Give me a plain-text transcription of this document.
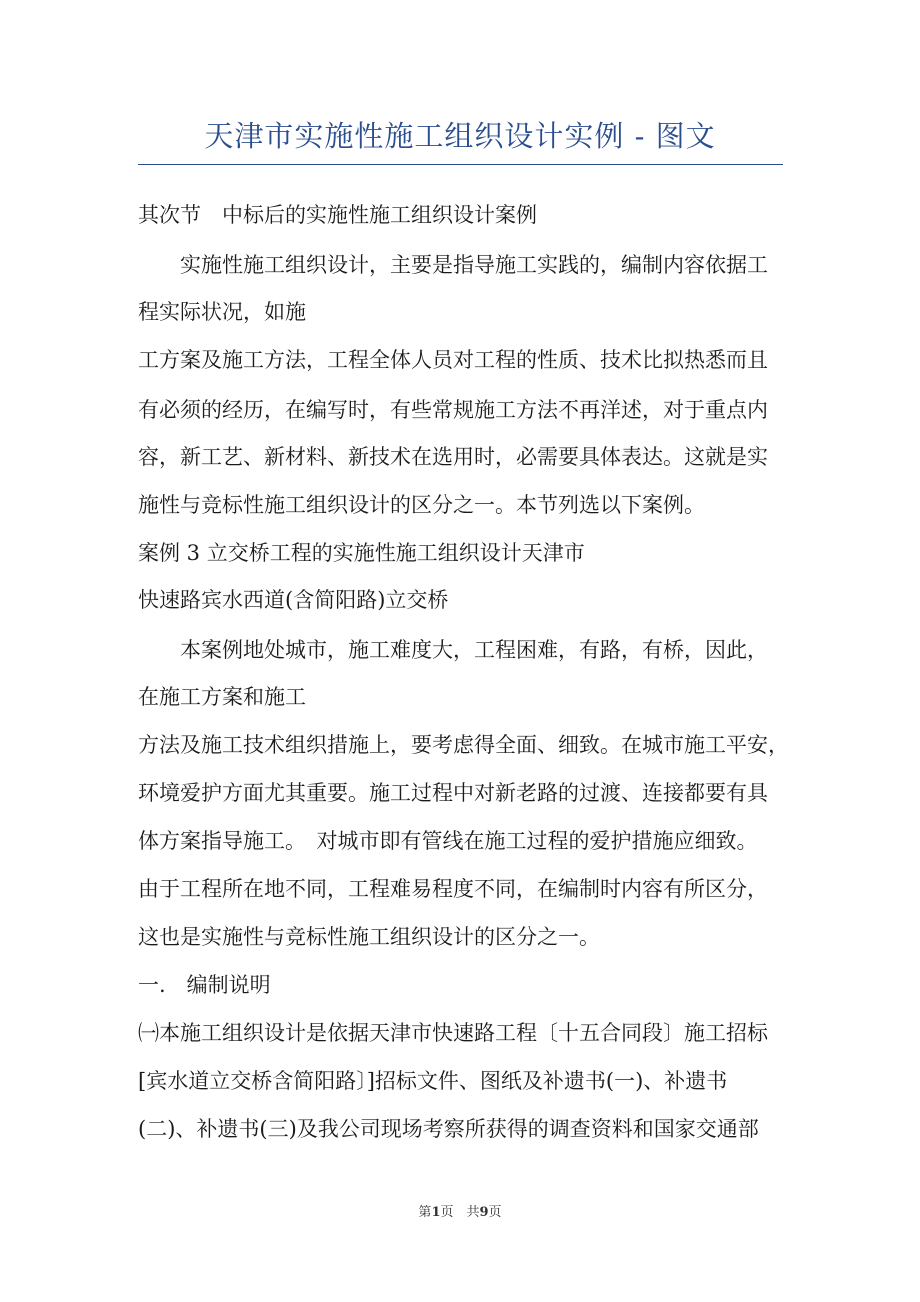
天津市实施性施工组织设计实例 - 图文
其次节　中标后的实施性施工组织设计案例
实施性施工组织设计，主要是指导施工实践的，编制内容依据工
程实际状况，如施
工方案及施工方法，工程全体人员对工程的性质、技术比拟热悉而且
有必须的经历，在编写时，有些常规施工方法不再洋述，对于重点内
容，新工艺、新材料、新技术在选用时，必需要具体表达。这就是实
施性与竞标性施工组织设计的区分之一。本节列选以下案例。
案例 3 立交桥工程的实施性施工组织设计天津市
快速路宾水西道(含简阳路)立交桥
本案例地处城市，施工难度大，工程困难，有路，有桥，因此，
在施工方案和施工
方法及施工技术组织措施上，要考虑得全面、细致。在城市施工平安，
环境爱护方面尤其重要。施工过程中对新老路的过渡、连接都要有具
体方案指导施工。　对城市即有管线在施工过程的爱护措施应细致。
由于工程所在地不同，工程难易程度不同，在编制时内容有所区分，
这也是实施性与竞标性施工组织设计的区分之一。
一.　编制说明
㈠本施工组织设计是依据天津市快速路工程〔十五合同段〕施工招标
[宾水道立交桥含简阳路〕]招标文件、图纸及补遗书(一)、补遗书
(二)、补遗书(三)及我公司现场考察所获得的调查资料和国家交通部
第1页　共9页
